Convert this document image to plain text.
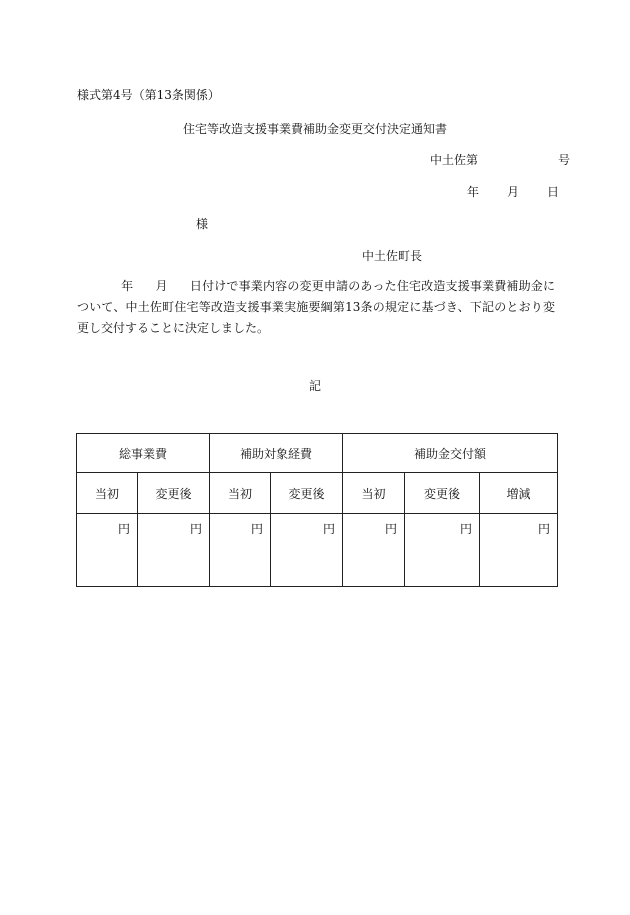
様式第4号（第13条関係）
住宅等改造支援事業費補助金変更交付決定通知書
中土佐第	号
年 月 日
様
中土佐町長
年 月 日付けで事業内容の変更申請のあった住宅改造支援事業費補助金について、中土佐町住宅等改造支援事業実施要綱第13条の規定に基づき、下記のとおり変更し交付することに決定しました。
記
総事業費		補助対象経費		補助金交付額		
当初	変更後	当初	変更後	当初	変更後	増減
円	円	円	円	円	円	円
